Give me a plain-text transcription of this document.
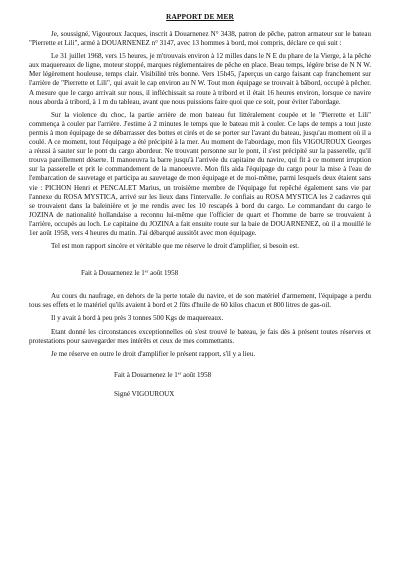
RAPPORT DE MER

Je, soussigné, Vigouroux Jacques, inscrit à Douarnenez N° 3438, patron de pêche, patron armateur sur le bateau "Pierrette et Lili", armé à DOUARNENEZ n° 3147, avec 13 hommes à bord, moi compris, déclare ce qui suit :

Le 31 juillet 1968, vers 15 heures, je m'trouvais environ à 12 milles dans le N E du phare de la Vierge, à la pêche aux maquereaux de ligne, moteur stoppé, marques réglementaires de pêche en place. Beau temps, légère brise de N N W. Mer légèrement houleuse, temps clair. Visibilité très bonne. Vers 15h45, j'aperçus un cargo faisant cap franchement sur l'arrière de "Pierrette et Lili", qui avait le cap environ au N W. Tout mon équipage se trouvait à bâbord, occupé à pêcher. A mesure que le cargo arrivait sur nous, il infléchissait sa route à tribord et il était 16 heures environ, lorsque ce navire nous aborda à tribord, à 1 m du tableau, avant que nous puissions faire quoi que ce soit, pour éviter l'abordage.

Sur la violence du choc, la partie arrière de mon bateau fut littéralement coupée et le "Pierrette et Lili" commença à couler par l'arrière. J'estime à 2 minutes le temps que le bateau mit à couler. Ce laps de temps a tout juste permis à mon équipage de se débarrasser des bottes et cirés et de se porter sur l'avant du bateau, jusqu'au moment où il a coulé. A ce moment, tout l'équipage a été précipité à la mer. Au moment de l'abordage, mon fils VIGOUROUX Georges a réussi à sauter sur le pont du cargo abordeur. Ne trouvant personne sur le pont, il s'est précipité sur la passerelle, qu'il trouva pareillement déserte. Il manoeuvra la barre jusqu'à l'arrivée du capitaine du navire, qui fit à ce moment irruption sur la passerelle et prit le commandement de la manoeuvre. Mon fils aida l'équipage du cargo pour la mise à l'eau de l'embarcation de sauvetage et participa au sauvetage de mon équipage et de moi-même, parmi lesquels deux étaient sans vie : PICHON Henri et PENCALET Marius, un troisième membre de l'équipage fut repêché également sans vie par l'annexe du ROSA MYSTICA, arrivé sur les lieux dans l'intervalle. Je confiais au ROSA MYSTICA les 2 cadavres qui se trouvaient dans la baleinière et je me rendis avec les 10 rescapés à bord du cargo. Le commandant du cargo le JOZINA de nationalité hollandaise a reconnu lui-même que l'officier de quart et l'homme de barre se trouvaient à l'arrière, occupés au loch. Le capitaine du JOZINA a fait ensuite route sur la baie de DOUARNENEZ, où il a mouillé le 1er août 1958, vers 4 heures du matin. J'ai débarqué aussitôt avec mon équipage.

Tel est mon rapport sincère et véritable que me réserve le droit d'amplifier, si besoin est.

Fait à Douarnenez le 1er août 1958

Au cours du naufrage, en dehors de la perte totale du navire, et de son matériel d'armement, l'équipage a perdu tous ses effets et le matériel qu'ils avaient à bord et 2 fûts d'huile de 60 kilos chacun et 800 litres de gas-oil.

Il y avait à bord à peu près 3 tonnes 500 Kgs de maquereaux.

Etant donné les circonstances exceptionnelles où s'est trouvé le bateau, je fais dès à présent toutes réserves et protestations pour sauvegarder mes intérêts et ceux de mes commettants.

Je me réserve en outre le droit d'amplifier le présent rapport, s'il y a lieu.

Fait à Douarnenez le 1er août 1958
Signé VIGOUROUX
